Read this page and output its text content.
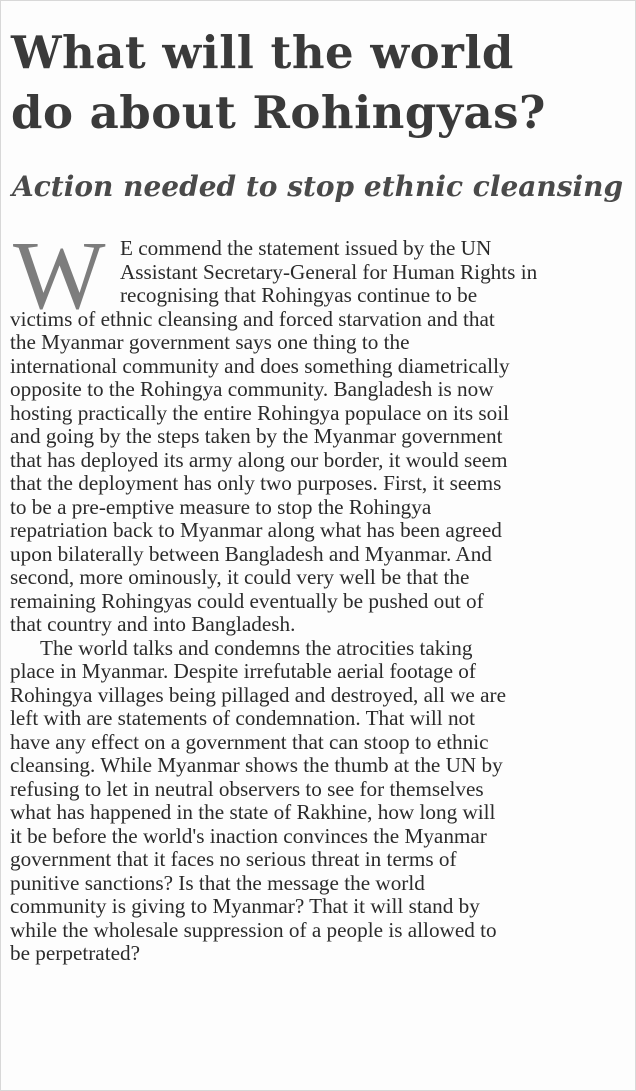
What will the world
do about Rohingyas?
Action needed to stop ethnic cleansing
W E commend the statement issued by the UN
Assistant Secretary-General for Human Rights in
recognising that Rohingyas continue to be
victims of ethnic cleansing and forced starvation and that
the Myanmar government says one thing to the
international community and does something diametrically
opposite to the Rohingya community. Bangladesh is now
hosting practically the entire Rohingya populace on its soil
and going by the steps taken by the Myanmar government
that has deployed its army along our border, it would seem
that the deployment has only two purposes. First, it seems
to be a pre-emptive measure to stop the Rohingya
repatriation back to Myanmar along what has been agreed
upon bilaterally between Bangladesh and Myanmar. And
second, more ominously, it could very well be that the
remaining Rohingyas could eventually be pushed out of
that country and into Bangladesh.
The world talks and condemns the atrocities taking
place in Myanmar. Despite irrefutable aerial footage of
Rohingya villages being pillaged and destroyed, all we are
left with are statements of condemnation. That will not
have any effect on a government that can stoop to ethnic
cleansing. While Myanmar shows the thumb at the UN by
refusing to let in neutral observers to see for themselves
what has happened in the state of Rakhine, how long will
it be before the world's inaction convinces the Myanmar
government that it faces no serious threat in terms of
punitive sanctions? Is that the message the world
community is giving to Myanmar? That it will stand by
while the wholesale suppression of a people is allowed to
be perpetrated?
